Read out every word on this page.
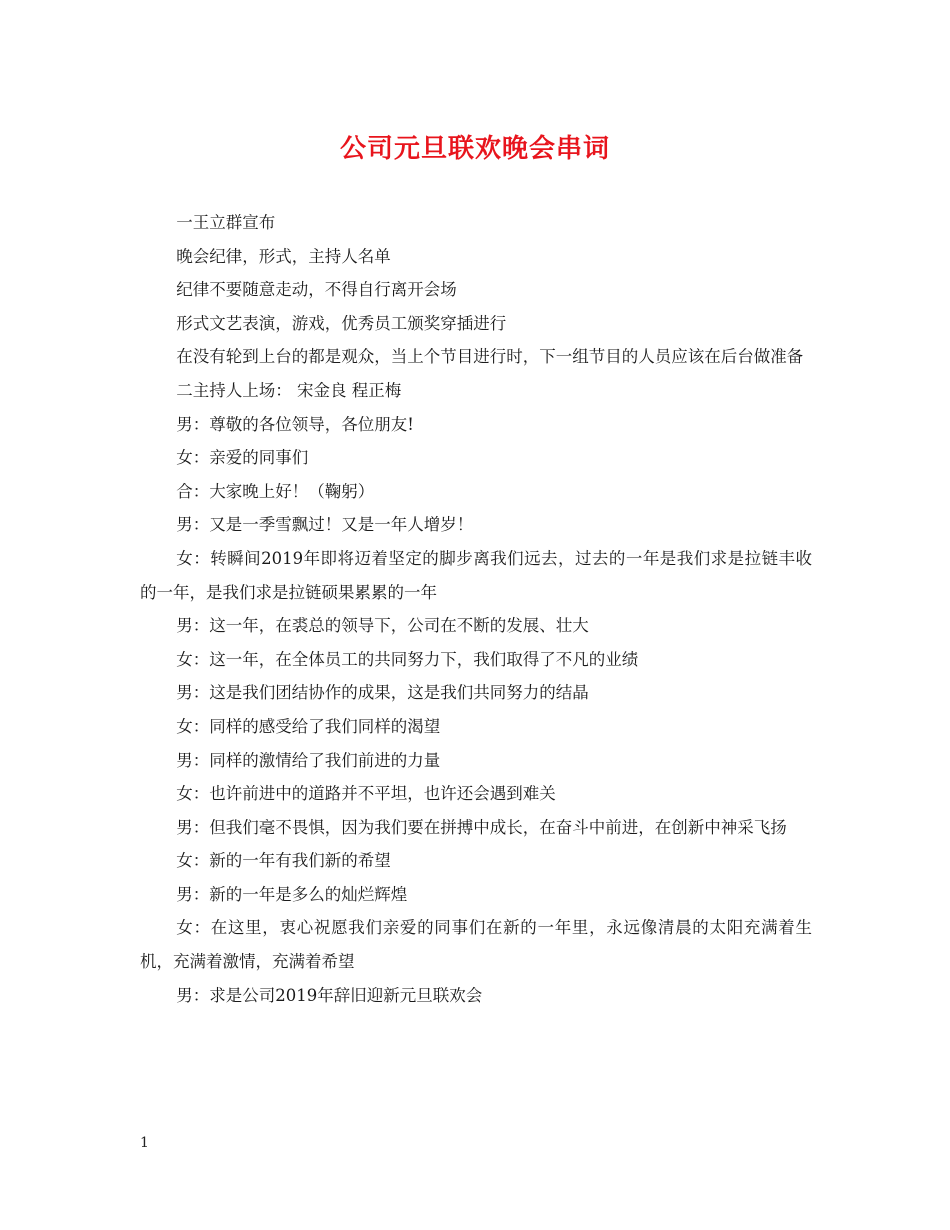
公司元旦联欢晚会串词

一王立群宣布

晚会纪律，形式，主持人名单

纪律不要随意走动，不得自行离开会场

形式文艺表演，游戏，优秀员工颁奖穿插进行

在没有轮到上台的都是观众，当上个节目进行时，下一组节目的人员应该在后台做准备

二主持人上场： 宋金良 程正梅

男：尊敬的各位领导，各位朋友!

女：亲爱的同事们

合：大家晚上好！（鞠躬）

男：又是一季雪飘过！又是一年人增岁！

女：转瞬间2019年即将迈着坚定的脚步离我们远去，过去的一年是我们求是拉链丰收的一年，是我们求是拉链硕果累累的一年

男：这一年，在裘总的领导下，公司在不断的发展、壮大

女：这一年，在全体员工的共同努力下，我们取得了不凡的业绩

男：这是我们团结协作的成果，这是我们共同努力的结晶

女：同样的感受给了我们同样的渴望

男：同样的激情给了我们前进的力量

女：也许前进中的道路并不平坦，也许还会遇到难关

男：但我们毫不畏惧，因为我们要在拼搏中成长，在奋斗中前进，在创新中神采飞扬

女：新的一年有我们新的希望

男：新的一年是多么的灿烂辉煌

女：在这里，衷心祝愿我们亲爱的同事们在新的一年里，永远像清晨的太阳充满着生机，充满着激情，充满着希望

男：求是公司2019年辞旧迎新元旦联欢会

1
